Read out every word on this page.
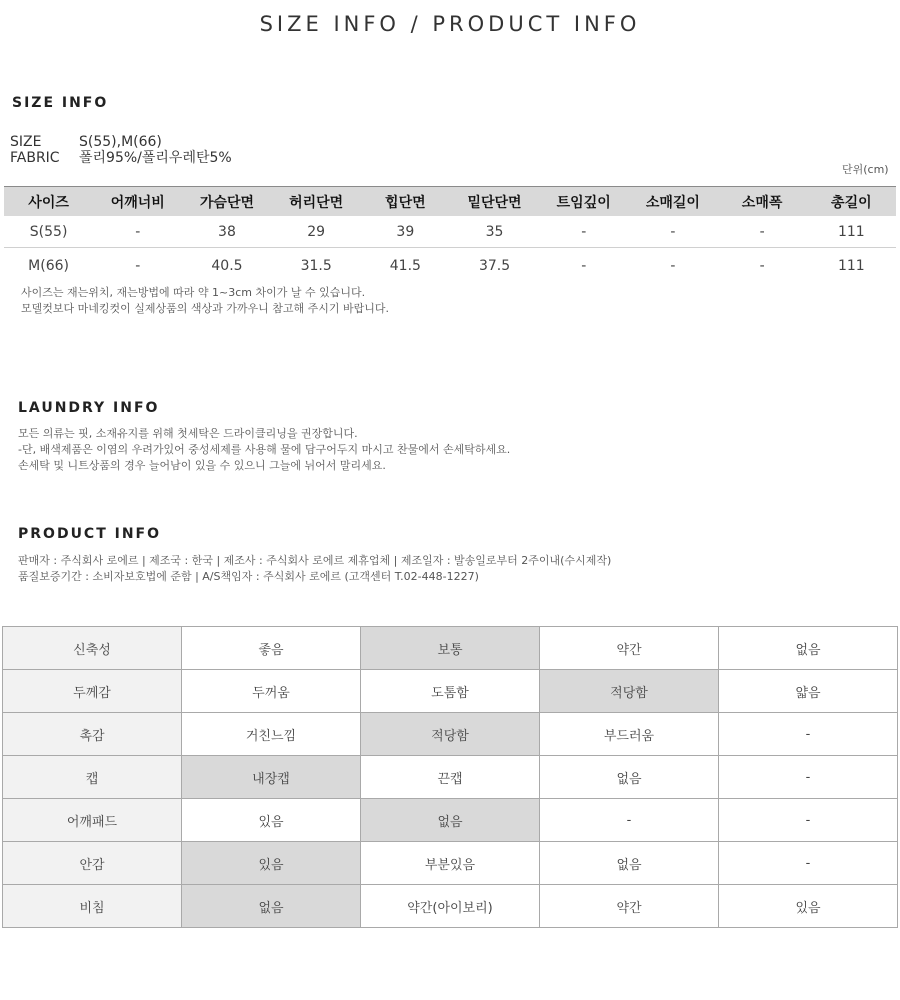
SIZE INFO / PRODUCT INFO
SIZE INFO
SIZE	S(55),M(66)
FABRIC 폴리95%/폴리우레탄5%
단위(cm)
사이즈	어깨너비	가슴단면	허리단면	힙단면	밑단단면	트임깊이	소매길이	소매폭	총길이
S(55)	-	38	29	39	35	-	-	-	111
M(66)	-	40.5	31.5	41.5	37.5	-	-	-	111
사이즈는 재는위치, 재는방법에 따라 약 1~3cm 차이가 날 수 있습니다.
모델컷보다 마네킹컷이 실제상품의 색상과 가까우니 참고해 주시기 바랍니다.
LAUNDRY INFO
모든 의류는 핏, 소재유지를 위해 첫세탁은 드라이클리닝을 권장합니다.
-단, 배색제품은 이염의 우려가있어 중성세제를 사용해 물에 담구어두지 마시고 찬물에서 손세탁하세요.
손세탁 및 니트상품의 경우 늘어남이 있을 수 있으니 그늘에 뉘어서 말리세요.
PRODUCT INFO
판매자 : 주식회사 로에르 | 제조국 : 한국 | 제조사 : 주식회사 로에르 제휴업체 | 제조일자 : 발송일로부터 2주이내(수시제작)
품질보증기간 : 소비자보호법에 준함 | A/S책임자 : 주식회사 로에르 (고객센터 T.02-448-1227)
신축성	좋음	보통	약간	없음
두께감	두꺼움	도톰함	적당함	얇음
촉감	거친느낌	적당함	부드러움	-
캡	내장캡	끈캡	없음	-
어깨패드	있음	없음	-	-
안감	있음	부분있음	없음	-
비침	없음	약간(아이보리)	약간	있음
